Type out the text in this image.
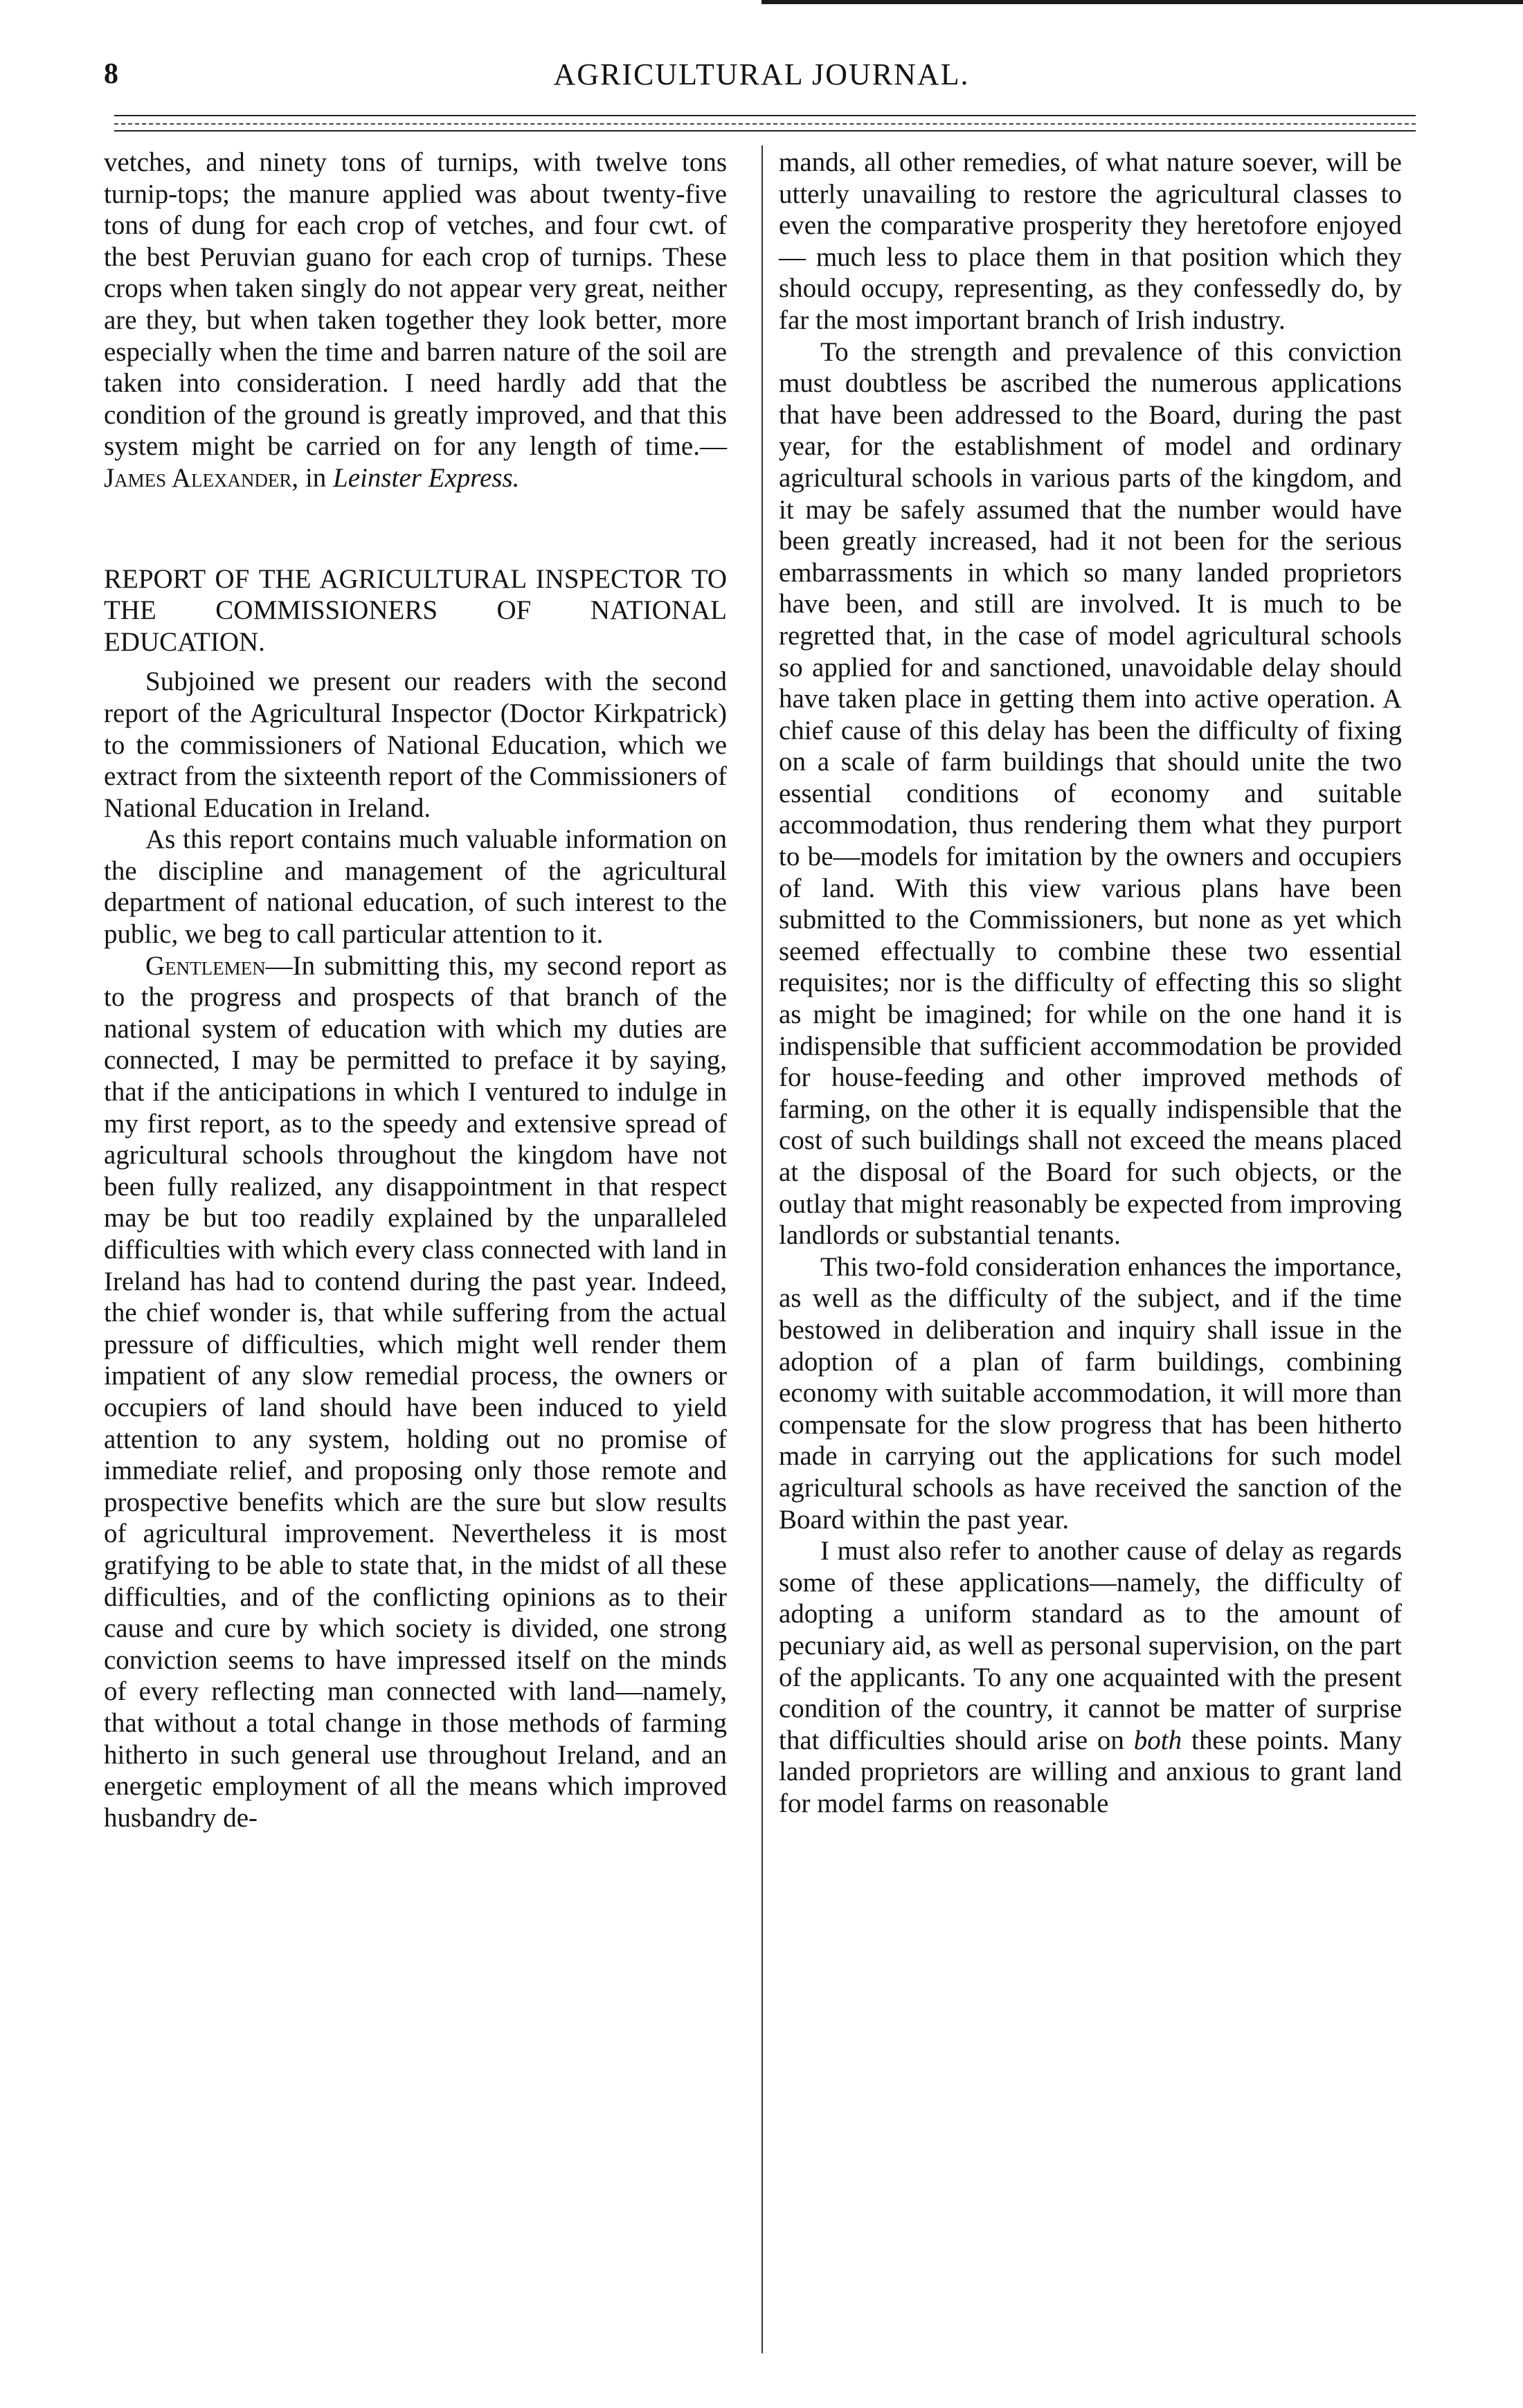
8	AGRICULTURAL JOURNAL.

vetches, and ninety tons of turnips, with twelve tons turnip-tops; the manure applied was about twenty-five tons of dung for each crop of vetches, and four cwt. of the best Peruvian guano for each crop of turnips. These crops when taken singly do not appear very great, neither are they, but when taken together they look better, more especially when the time and barren nature of the soil are taken into consideration. I need hardly add that the condition of the ground is greatly improved, and that this system might be carried on for any length of time.—James Alexander, in Leinster Express.

REPORT OF THE AGRICULTURAL INSPECTOR TO THE COMMISSIONERS OF NATIONAL EDUCATION.

Subjoined we present our readers with the second report of the Agricultural Inspector (Doctor Kirkpatrick) to the commissioners of National Education, which we extract from the sixteenth report of the Commissioners of National Education in Ireland.

As this report contains much valuable information on the discipline and management of the agricultural department of national education, of such interest to the public, we beg to call particular attention to it.

Gentlemen—In submitting this, my second report as to the progress and prospects of that branch of the national system of education with which my duties are connected, I may be permitted to preface it by saying, that if the anticipations in which I ventured to indulge in my first report, as to the speedy and extensive spread of agricultural schools throughout the kingdom have not been fully realized, any disappointment in that respect may be but too readily explained by the unparalleled difficulties with which every class connected with land in Ireland has had to contend during the past year. Indeed, the chief wonder is, that while suffering from the actual pressure of difficulties, which might well render them impatient of any slow remedial process, the owners or occupiers of land should have been induced to yield attention to any system, holding out no promise of immediate relief, and proposing only those remote and prospective benefits which are the sure but slow results of agricultural improvement. Nevertheless it is most gratifying to be able to state that, in the midst of all these difficulties, and of the conflicting opinions as to their cause and cure by which society is divided, one strong conviction seems to have impressed itself on the minds of every reflecting man connected with land—namely, that without a total change in those methods of farming hitherto in such general use throughout Ireland, and an energetic employment of all the means which improved husbandry de-

mands, all other remedies, of what nature soever, will be utterly unavailing to restore the agricultural classes to even the comparative prosperity they heretofore enjoyed— much less to place them in that position which they should occupy, representing, as they confessedly do, by far the most important branch of Irish industry.

To the strength and prevalence of this conviction must doubtless be ascribed the numerous applications that have been addressed to the Board, during the past year, for the establishment of model and ordinary agricultural schools in various parts of the kingdom, and it may be safely assumed that the number would have been greatly increased, had it not been for the serious embarrassments in which so many landed proprietors have been, and still are involved. It is much to be regretted that, in the case of model agricultural schools so applied for and sanctioned, unavoidable delay should have taken place in getting them into active operation. A chief cause of this delay has been the difficulty of fixing on a scale of farm buildings that should unite the two essential conditions of economy and suitable accommodation, thus rendering them what they purport to be—models for imitation by the owners and occupiers of land. With this view various plans have been submitted to the Commissioners, but none as yet which seemed effectually to combine these two essential requisites; nor is the difficulty of effecting this so slight as might be imagined; for while on the one hand it is indispensible that sufficient accommodation be provided for house-feeding and other improved methods of farming, on the other it is equally indispensible that the cost of such buildings shall not exceed the means placed at the disposal of the Board for such objects, or the outlay that might reasonably be expected from improving landlords or substantial tenants.

This two-fold consideration enhances the importance, as well as the difficulty of the subject, and if the time bestowed in deliberation and inquiry shall issue in the adoption of a plan of farm buildings, combining economy with suitable accommodation, it will more than compensate for the slow progress that has been hitherto made in carrying out the applications for such model agricultural schools as have received the sanction of the Board within the past year.

I must also refer to another cause of delay as regards some of these applications—namely, the difficulty of adopting a uniform standard as to the amount of pecuniary aid, as well as personal supervision, on the part of the applicants. To any one acquainted with the present condition of the country, it cannot be matter of surprise that difficulties should arise on both these points. Many landed proprietors are willing and anxious to grant land for model farms on reasonable
